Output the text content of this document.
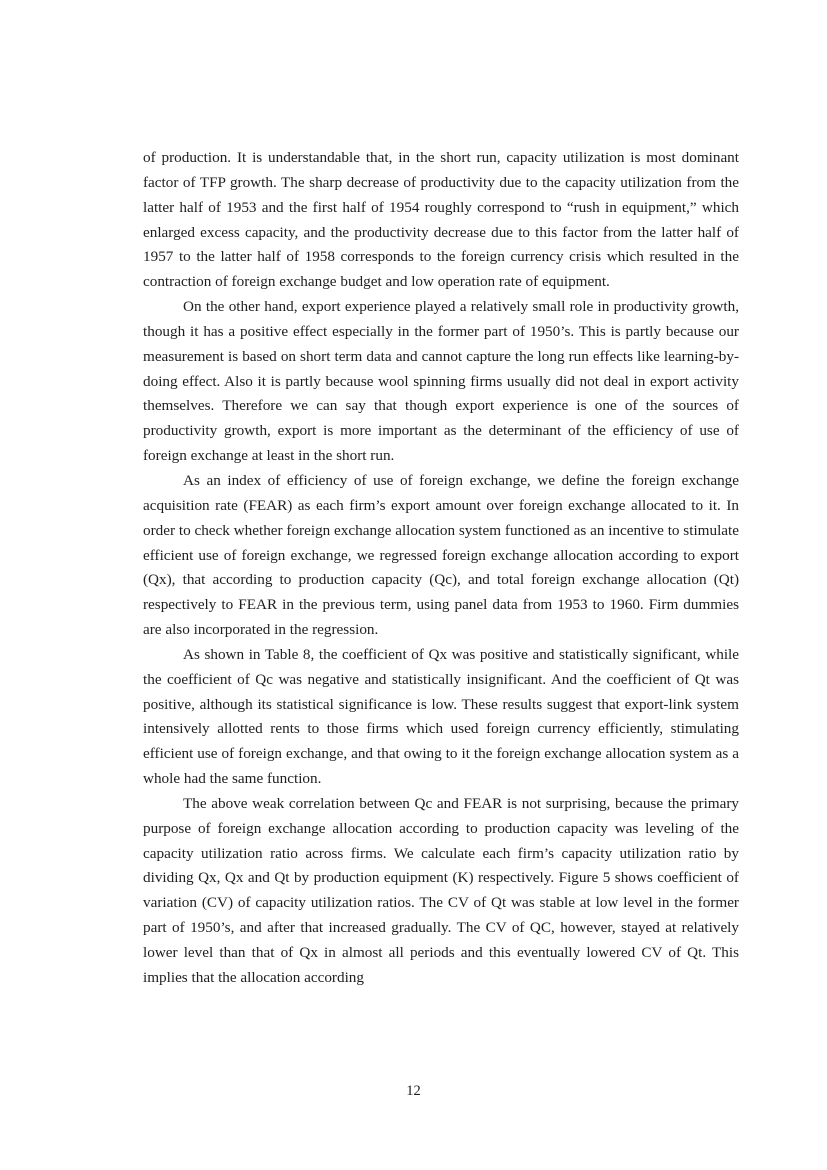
of production. It is understandable that, in the short run, capacity utilization is most dominant factor of TFP growth. The sharp decrease of productivity due to the capacity utilization from the latter half of 1953 and the first half of 1954 roughly correspond to “rush in equipment,” which enlarged excess capacity, and the productivity decrease due to this factor from the latter half of 1957 to the latter half of 1958 corresponds to the foreign currency crisis which resulted in the contraction of foreign exchange budget and low operation rate of equipment.

On the other hand, export experience played a relatively small role in productivity growth, though it has a positive effect especially in the former part of 1950’s. This is partly because our measurement is based on short term data and cannot capture the long run effects like learning-by-doing effect. Also it is partly because wool spinning firms usually did not deal in export activity themselves. Therefore we can say that though export experience is one of the sources of productivity growth, export is more important as the determinant of the efficiency of use of foreign exchange at least in the short run.

As an index of efficiency of use of foreign exchange, we define the foreign exchange acquisition rate (FEAR) as each firm’s export amount over foreign exchange allocated to it. In order to check whether foreign exchange allocation system functioned as an incentive to stimulate efficient use of foreign exchange, we regressed foreign exchange allocation according to export (Qx), that according to production capacity (Qc), and total foreign exchange allocation (Qt) respectively to FEAR in the previous term, using panel data from 1953 to 1960. Firm dummies are also incorporated in the regression.

As shown in Table 8, the coefficient of Qx was positive and statistically significant, while the coefficient of Qc was negative and statistically insignificant. And the coefficient of Qt was positive, although its statistical significance is low. These results suggest that export-link system intensively allotted rents to those firms which used foreign currency efficiently, stimulating efficient use of foreign exchange, and that owing to it the foreign exchange allocation system as a whole had the same function.

The above weak correlation between Qc and FEAR is not surprising, because the primary purpose of foreign exchange allocation according to production capacity was leveling of the capacity utilization ratio across firms. We calculate each firm’s capacity utilization ratio by dividing Qx, Qx and Qt by production equipment (K) respectively. Figure 5 shows coefficient of variation (CV) of capacity utilization ratios. The CV of Qt was stable at low level in the former part of 1950’s, and after that increased gradually. The CV of QC, however, stayed at relatively lower level than that of Qx in almost all periods and this eventually lowered CV of Qt. This implies that the allocation according

12
